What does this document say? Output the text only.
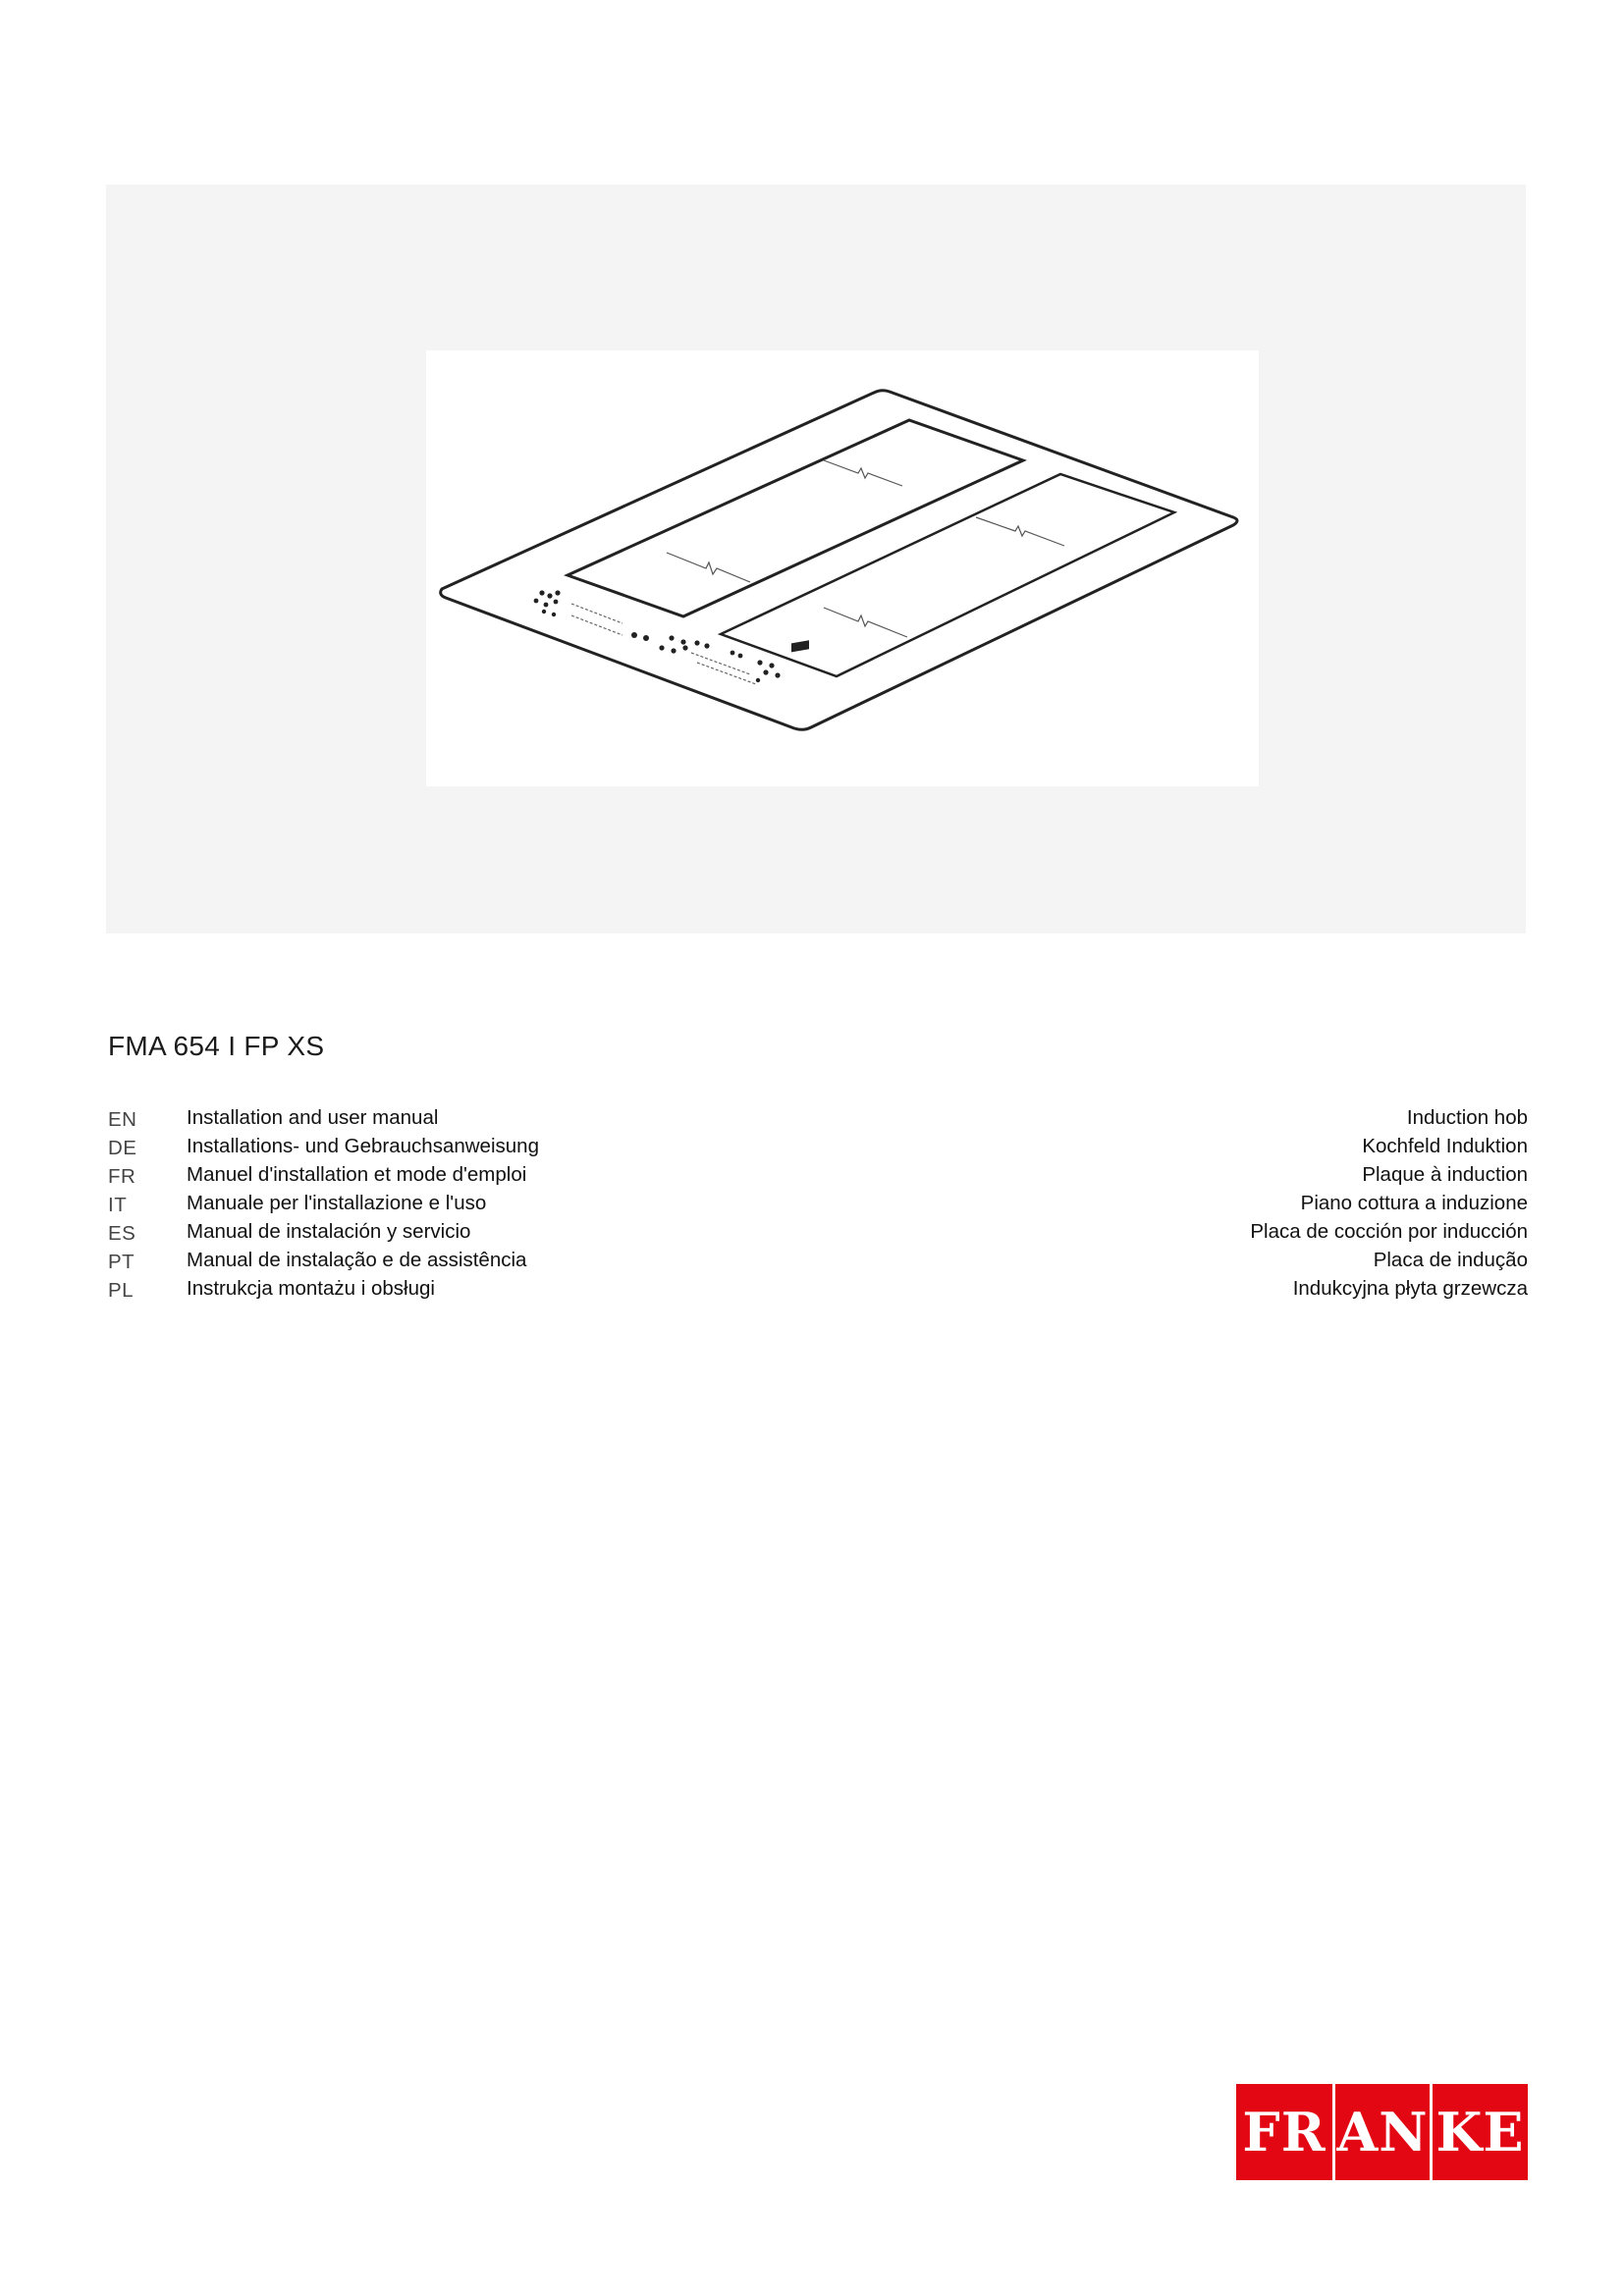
FMA 654 I FP XS
EN Installation and user manual	Induction hob
DE Installations- und Gebrauchsanweisung	Kochfeld Induktion
FR	Manuel d'installation et mode d'emploi	Plaque à induction
IT	Manuale per l'installazione e l'uso	Piano cottura a induzione
ES	Manual de instalación y servicio	Placa de cocción por inducción
PT	Manual de instalação e de assistência	Placa de indução
PL	Instrukcja montażu i obsługi	Indukcyjna płyta grzewcza
FR AN KE
